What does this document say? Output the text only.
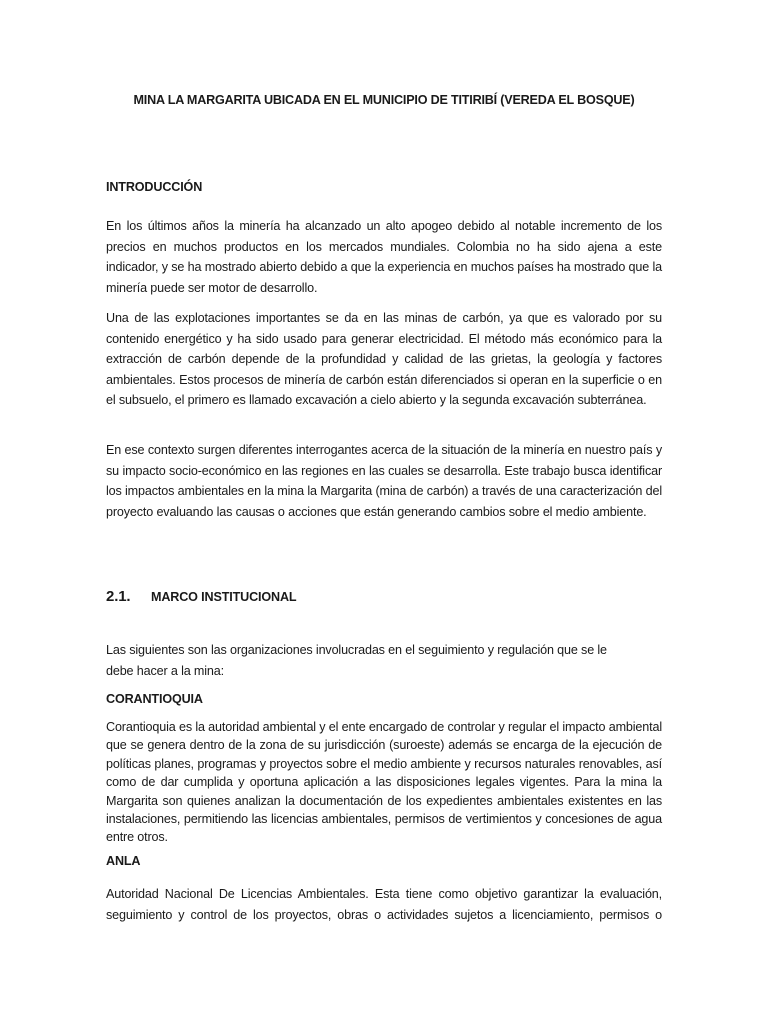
MINA LA MARGARITA UBICADA EN EL MUNICIPIO DE TITIRIBÍ (VEREDA EL BOSQUE)
INTRODUCCIÓN

En los últimos años la minería ha alcanzado un alto apogeo debido al notable incremento de los precios en muchos productos en los mercados mundiales. Colombia no ha sido ajena a este indicador, y se ha mostrado abierto debido a que la experiencia en muchos países ha mostrado que la minería puede ser motor de desarrollo.

Una de las explotaciones importantes se da en las minas de carbón, ya que es valorado por su contenido energético y ha sido usado para generar electricidad. El método más económico para la extracción de carbón depende de la profundidad y calidad de las grietas, la geología y factores ambientales. Estos procesos de minería de carbón están diferenciados si operan en la superficie o en el subsuelo, el primero es llamado excavación a cielo abierto y la segunda excavación subterránea.

En ese contexto surgen diferentes interrogantes acerca de la situación de la minería en nuestro país y su impacto socio-económico en las regiones en las cuales se desarrolla. Este trabajo busca identificar los impactos ambientales en la mina la Margarita (mina de carbón) a través de una caracterización del proyecto evaluando las causas o acciones que están generando cambios sobre el medio ambiente.

2.1. MARCO INSTITUCIONAL

Las siguientes son las organizaciones involucradas en el seguimiento y regulación que se le debe hacer a la mina:

CORANTIOQUIA

Corantioquia es la autoridad ambiental y el ente encargado de controlar y regular el impacto ambiental que se genera dentro de la zona de su jurisdicción (suroeste) además se encarga de la ejecución de políticas planes, programas y proyectos sobre el medio ambiente y recursos naturales renovables, así como de dar cumplida y oportuna aplicación a las disposiciones legales vigentes. Para la mina la Margarita son quienes analizan la documentación de los expedientes ambientales existentes en las instalaciones, permitiendo las licencias ambientales, permisos de vertimientos y concesiones de agua entre otros.

ANLA

Autoridad Nacional De Licencias Ambientales. Esta tiene como objetivo garantizar la evaluación, seguimiento y control de los proyectos, obras o actividades sujetos a licenciamiento, permisos o
